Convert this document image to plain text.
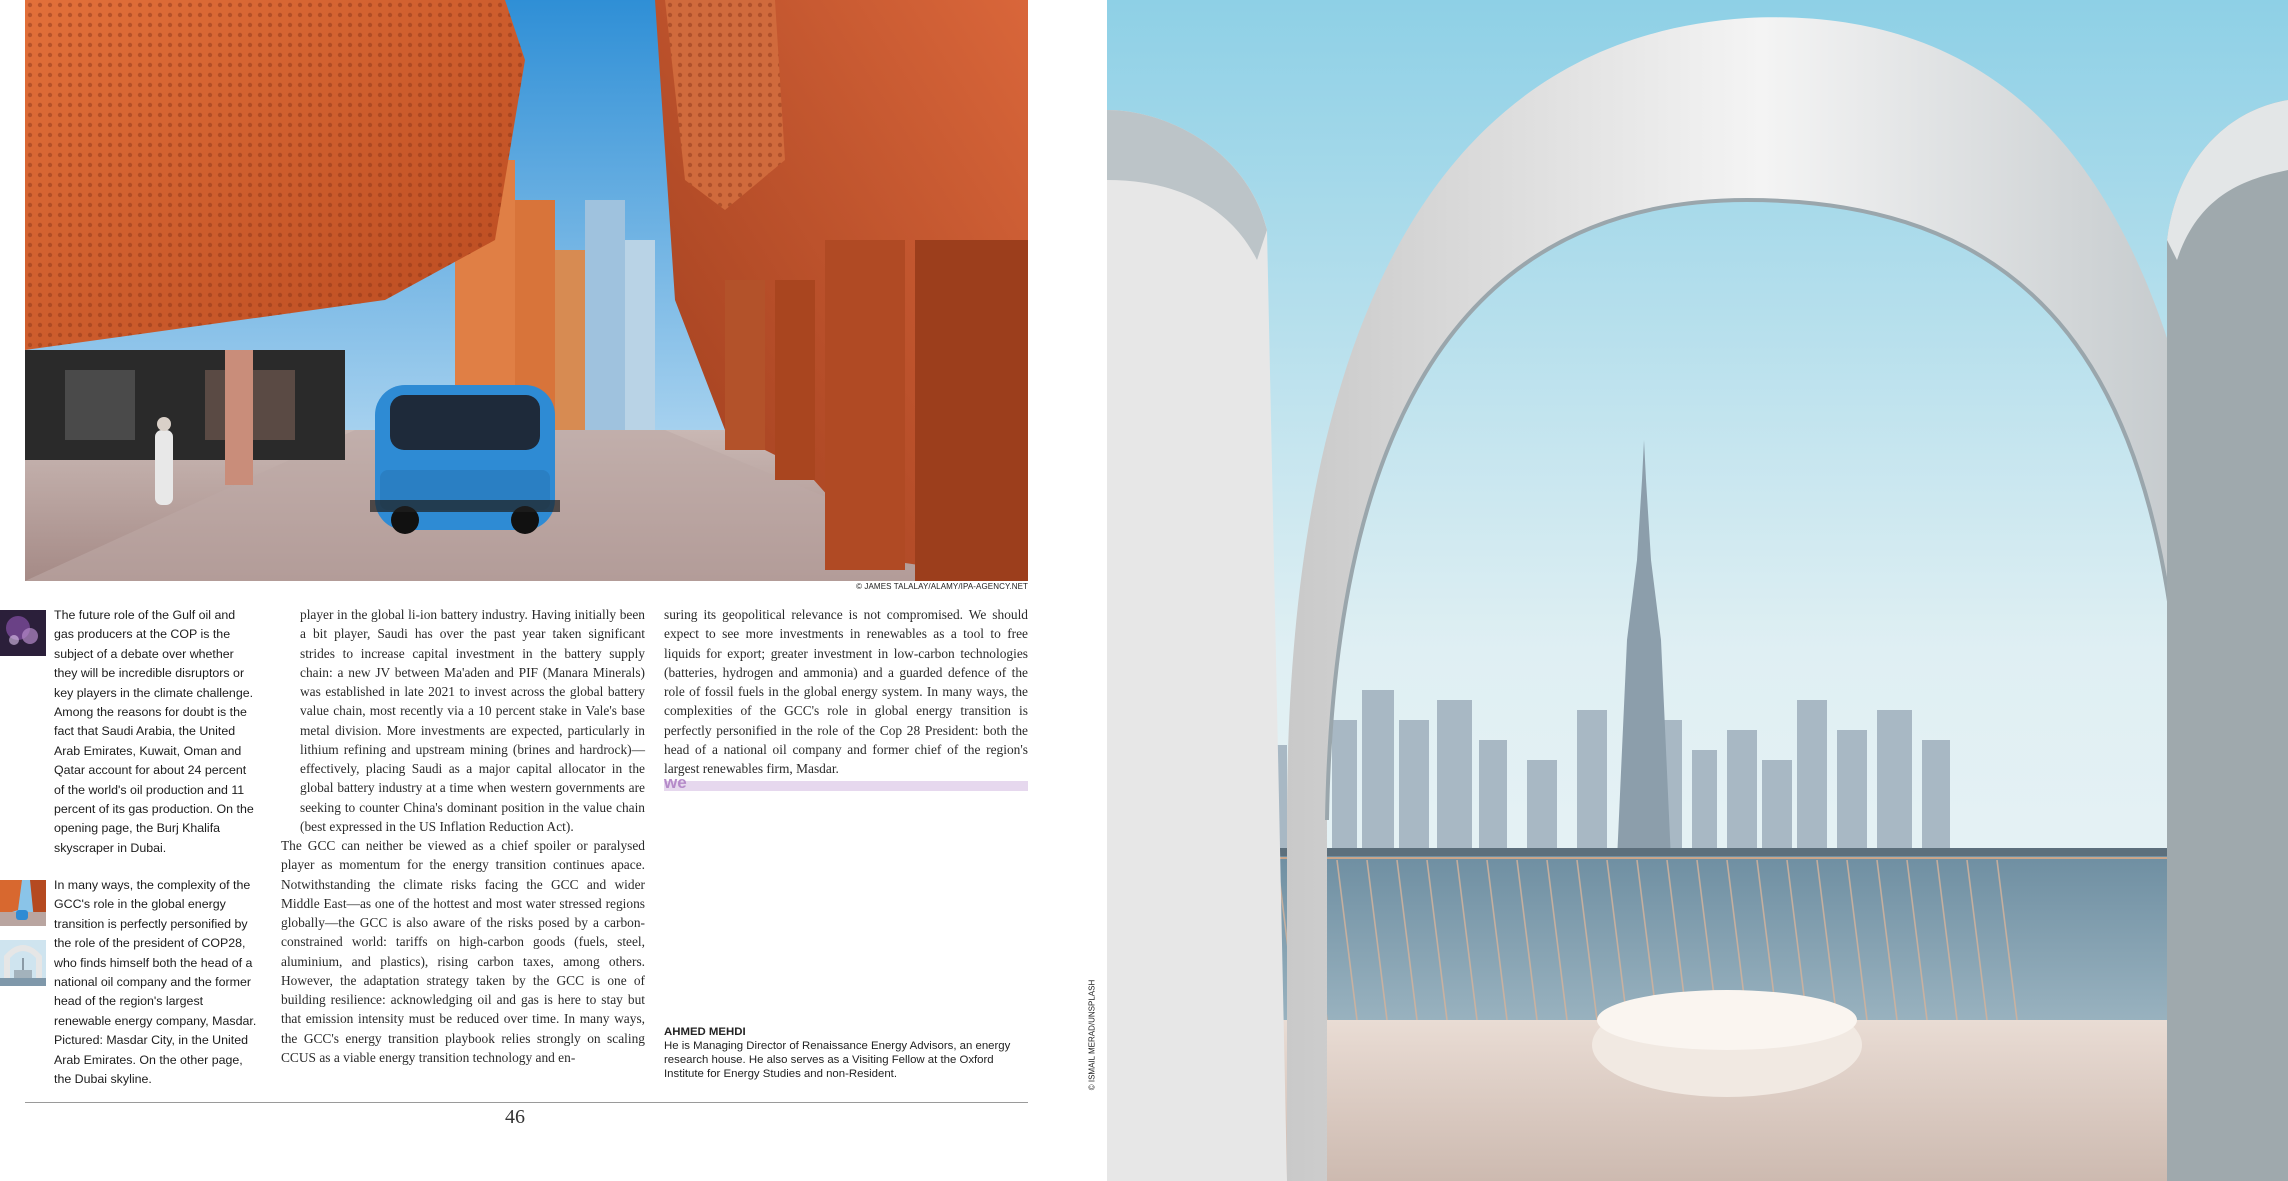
© JAMES TALALAY/ALAMY/IPA-AGENCY.NET

The future role of the Gulf oil and gas producers at the COP is the subject of a debate over whether they will be incredible disruptors or key players in the climate challenge. Among the reasons for doubt is the fact that Saudi Arabia, the United Arab Emirates, Kuwait, Oman and Qatar account for about 24 percent of the world's oil production and 11 percent of its gas production. On the opening page, the Burj Khalifa skyscraper in Dubai.

In many ways, the complexity of the GCC's role in the global energy transition is perfectly personified by the role of the president of COP28, who finds himself both the head of a national oil company and the former head of the region's largest renewable energy company, Masdar. Pictured: Masdar City, in the United Arab Emirates. On the other page, the Dubai skyline.

player in the global li-ion battery industry. Having initially been a bit player, Saudi has over the past year taken significant strides to increase capital investment in the battery supply chain: a new JV between Ma'aden and PIF (Manara Minerals) was established in late 2021 to invest across the global battery value chain, most recently via a 10 percent stake in Vale's base metal division. More investments are expected, particularly in lithium refining and upstream mining (brines and hardrock)—effectively, placing Saudi as a major capital allocator in the global battery industry at a time when western governments are seeking to counter China's dominant position in the value chain (best expressed in the US Inflation Reduction Act).

The GCC can neither be viewed as a chief spoiler or paralysed player as momentum for the energy transition continues apace. Notwithstanding the climate risks facing the GCC and wider Middle East—as one of the hottest and most water stressed regions globally—the GCC is also aware of the risks posed by a carbon-constrained world: tariffs on high-carbon goods (fuels, steel, aluminium, and plastics), rising carbon taxes, among others. However, the adaptation strategy taken by the GCC is one of building resilience: acknowledging oil and gas is here to stay but that emission intensity must be reduced over time. In many ways, the GCC's energy transition playbook relies strongly on scaling CCUS as a viable energy transition technology and en-

suring its geopolitical relevance is not compromised. We should expect to see more investments in renewables as a tool to free liquids for export; greater investment in low-carbon technologies (batteries, hydrogen and ammonia) and a guarded defence of the role of fossil fuels in the global energy system. In many ways, the complexities of the GCC's role in global energy transition is perfectly personified in the role of the Cop 28 President: both the head of a national oil company and former chief of the region's largest renewables firm, Masdar.

we

AHMED MEHDI

He is Managing Director of Renaissance Energy Advisors, an energy research house. He also serves as a Visiting Fellow at the Oxford Institute for Energy Studies and non-Resident.

46
© ISMAIL MERAD/UNSPLASH
